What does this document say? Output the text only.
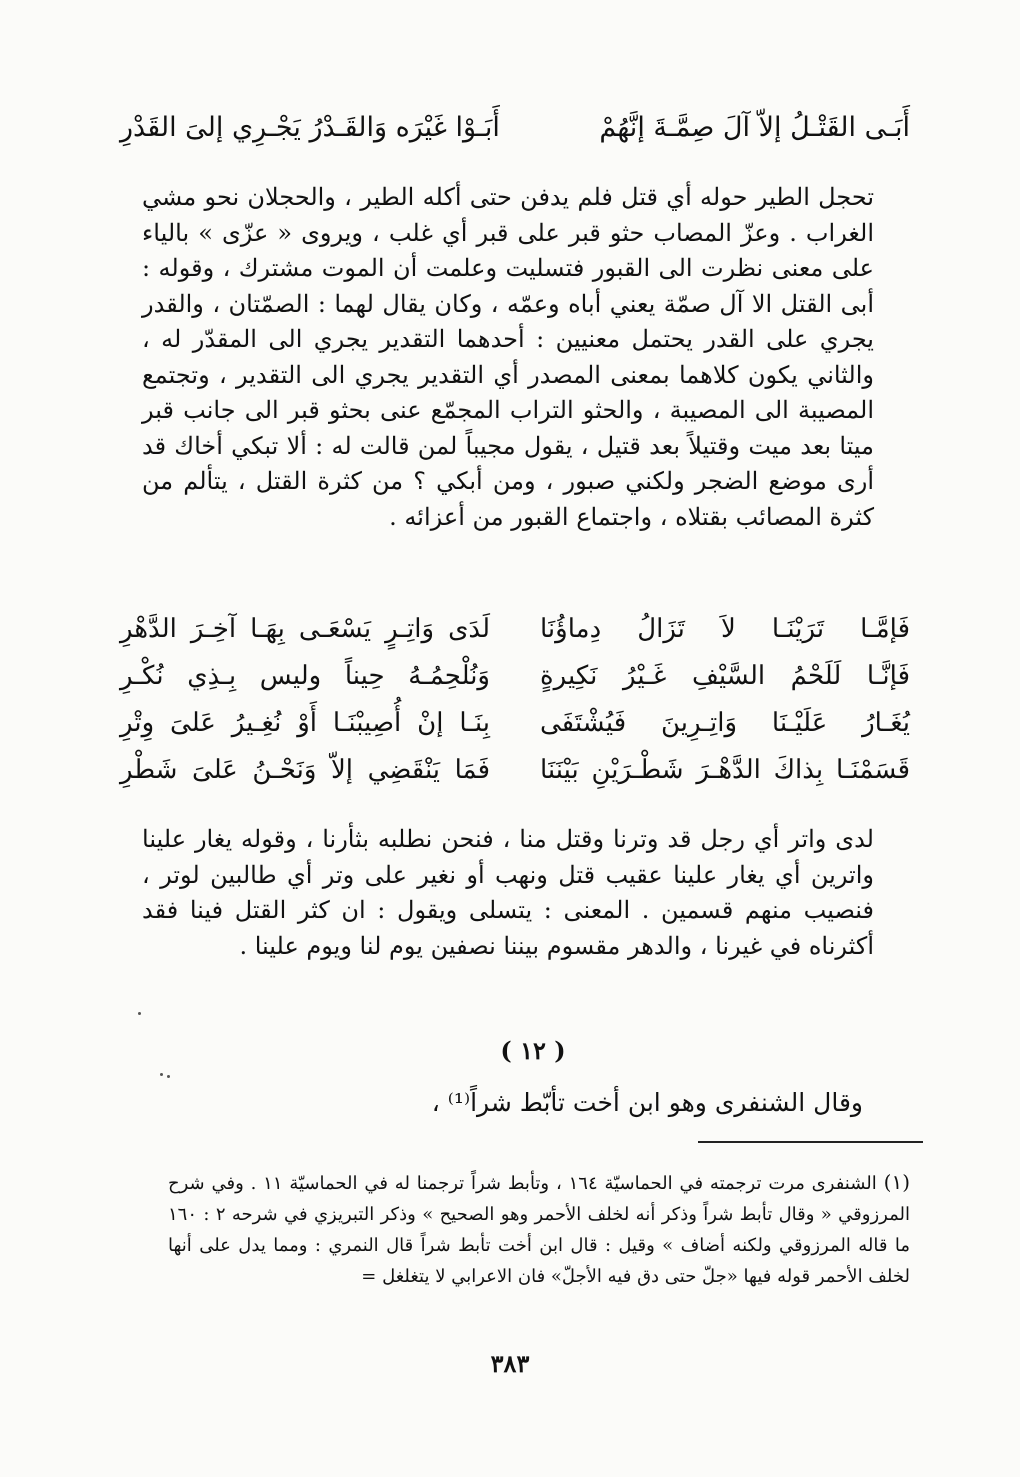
أَبَـى القَتْـلُ إلاّ آلَ صِمَّـةَ إنَّهُمْ
أَبَـوْا غَيْرَه وَالقَـدْرُ يَجْـرِي إلىَ القَدْرِ

تحجل الطير حوله أي قتل فلم يدفن حتى أكله الطير ، والحجلان نحو مشي الغراب . وعزّ المصاب حثو قبر على قبر أي غلب ، ويروى « عزّى » بالياء على معنى نظرت الى القبور فتسليت وعلمت أن الموت مشترك ، وقوله : أبى القتل الا آل صمّة يعني أباه وعمّه ، وكان يقال لهما : الصمّتان ، والقدر يجري على القدر يحتمل معنيين : أحدهما التقدير يجري الى المقدّر له ، والثاني يكون كلاهما بمعنى المصدر أي التقدير يجري الى التقدير ، وتجتمع المصيبة الى المصيبة ، والحثو التراب المجمّع عنى بحثو قبر الى جانب قبر ميتا بعد ميت وقتيلاً بعد قتيل ، يقول مجيباً لمن قالت له : ألا تبكي أخاك قد أرى موضع الضجر ولكني صبور ، ومن أبكي ؟ من كثرة القتل ، يتألم من كثرة المصائب بقتلاه ، واجتماع القبور من أعزائه .

فَإمَّـا تَرَيْنَـا لاَ تَزَالُ دِماؤُنَا
لَدَى وَاتِـرٍ يَسْعَـى بِهَـا آخِـرَ الدَّهْرِ
فَإنَّـا لَلَحْمُ السَّيْفِ غَـيْرُ نَكِيرةٍ
وَنُلْحِمُـهُ حِيناً وليس بِـذِي نُكْـرِ
يُغَـارُ عَلَيْـنَا وَاتِـرِينَ فَيُشْتَفَى
بِنَـا إنْ أُصِيبْنَـا أَوْ نُغِـيرُ عَلىَ وِتْرِ
قَسَمْنَـا بِذاكَ الدَّهْـرَ شَطْـرَيْنِ بَيْنَنَا
فَمَا يَنْقَضِي إلاّ وَنَحْـنُ عَلىَ شَطْرِ

لدى واتر أي رجل قد وترنا وقتل منا ، فنحن نطلبه بثأرنا ، وقوله يغار علينا واترين أي يغار علينا عقيب قتل ونهب أو نغير على وتر أي طالبين لوتر ، فنصيب منهم قسمين . المعنى : يتسلى ويقول : ان كثر القتل فينا فقد أكثرناه في غيرنا ، والدهر مقسوم بيننا نصفين يوم لنا ويوم علينا .

( ١٢ )
وقال الشنفرى وهو ابن أخت تأبّط شراً⁽¹⁾ ،

(١) الشنفرى مرت ترجمته في الحماسيّة ١٦٤ ، وتأبط شراً ترجمنا له في الحماسيّة ١١ . وفي شرح المرزوقي « وقال تأبط شراً وذكر أنه لخلف الأحمر وهو الصحيح » وذكر التبريزي في شرحه ٢ : ١٦٠ ما قاله المرزوقي ولكنه أضاف » وقيل : قال ابن أخت تأبط شراً قال النمري : ومما يدل على أنها لخلف الأحمر قوله فيها «جلّ حتى دق فيه الأجلّ» فان الاعرابي لا يتغلغل =

٣٨٣
